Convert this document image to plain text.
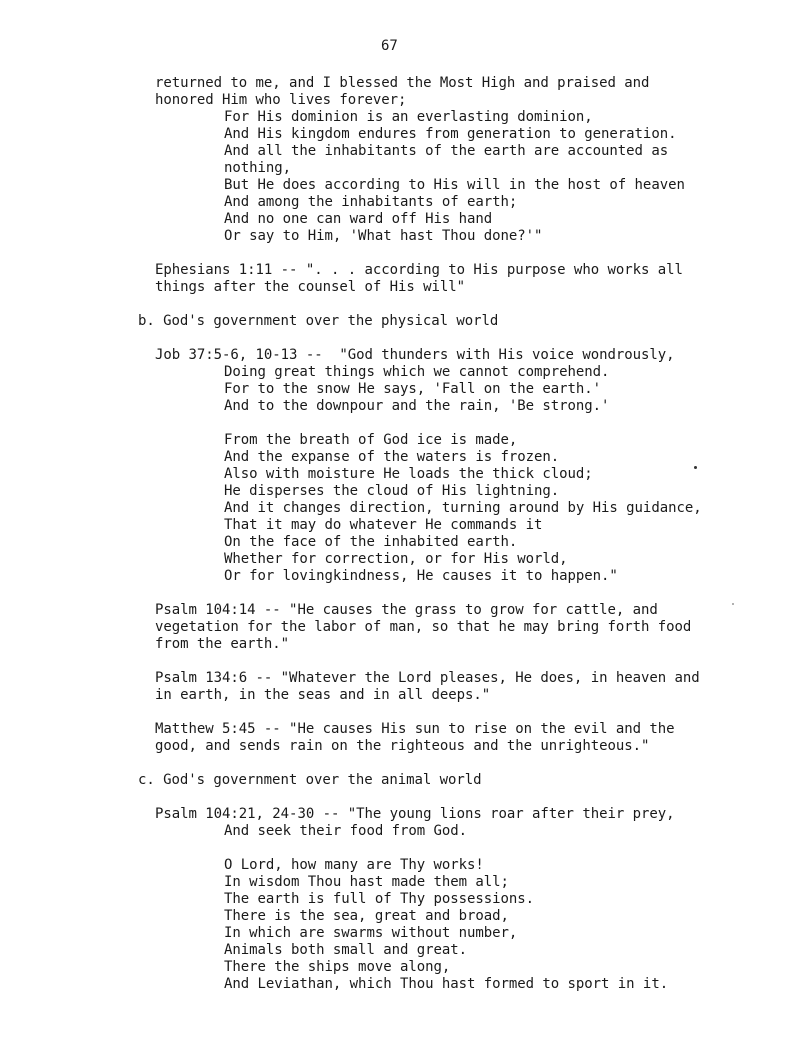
67
returned to me, and I blessed the Most High and praised and
honored Him who lives forever;
For His dominion is an everlasting dominion,
And His kingdom endures from generation to generation.
And all the inhabitants of the earth are accounted as
nothing,
But He does according to His will in the host of heaven
And among the inhabitants of earth;
And no one can ward off His hand
Or say to Him, 'What hast Thou done?'"
Ephesians 1:11 -- ". . . according to His purpose who works all
things after the counsel of His will"
b. God's government over the physical world
Job 37:5-6, 10-13 --  "God thunders with His voice wondrously,
Doing great things which we cannot comprehend.
For to the snow He says, 'Fall on the earth.'
And to the downpour and the rain, 'Be strong.'
From the breath of God ice is made,
And the expanse of the waters is frozen.
Also with moisture He loads the thick cloud;
He disperses the cloud of His lightning.
And it changes direction, turning around by His guidance,
That it may do whatever He commands it
On the face of the inhabited earth.
Whether for correction, or for His world,
Or for lovingkindness, He causes it to happen."
Psalm 104:14 -- "He causes the grass to grow for cattle, and
vegetation for the labor of man, so that he may bring forth food
from the earth."
Psalm 134:6 -- "Whatever the Lord pleases, He does, in heaven and
in earth, in the seas and in all deeps."
Matthew 5:45 -- "He causes His sun to rise on the evil and the
good, and sends rain on the righteous and the unrighteous."
c. God's government over the animal world
Psalm 104:21, 24-30 -- "The young lions roar after their prey,
And seek their food from God.
O Lord, how many are Thy works!
In wisdom Thou hast made them all;
The earth is full of Thy possessions.
There is the sea, great and broad,
In which are swarms without number,
Animals both small and great.
There the ships move along,
And Leviathan, which Thou hast formed to sport in it.
